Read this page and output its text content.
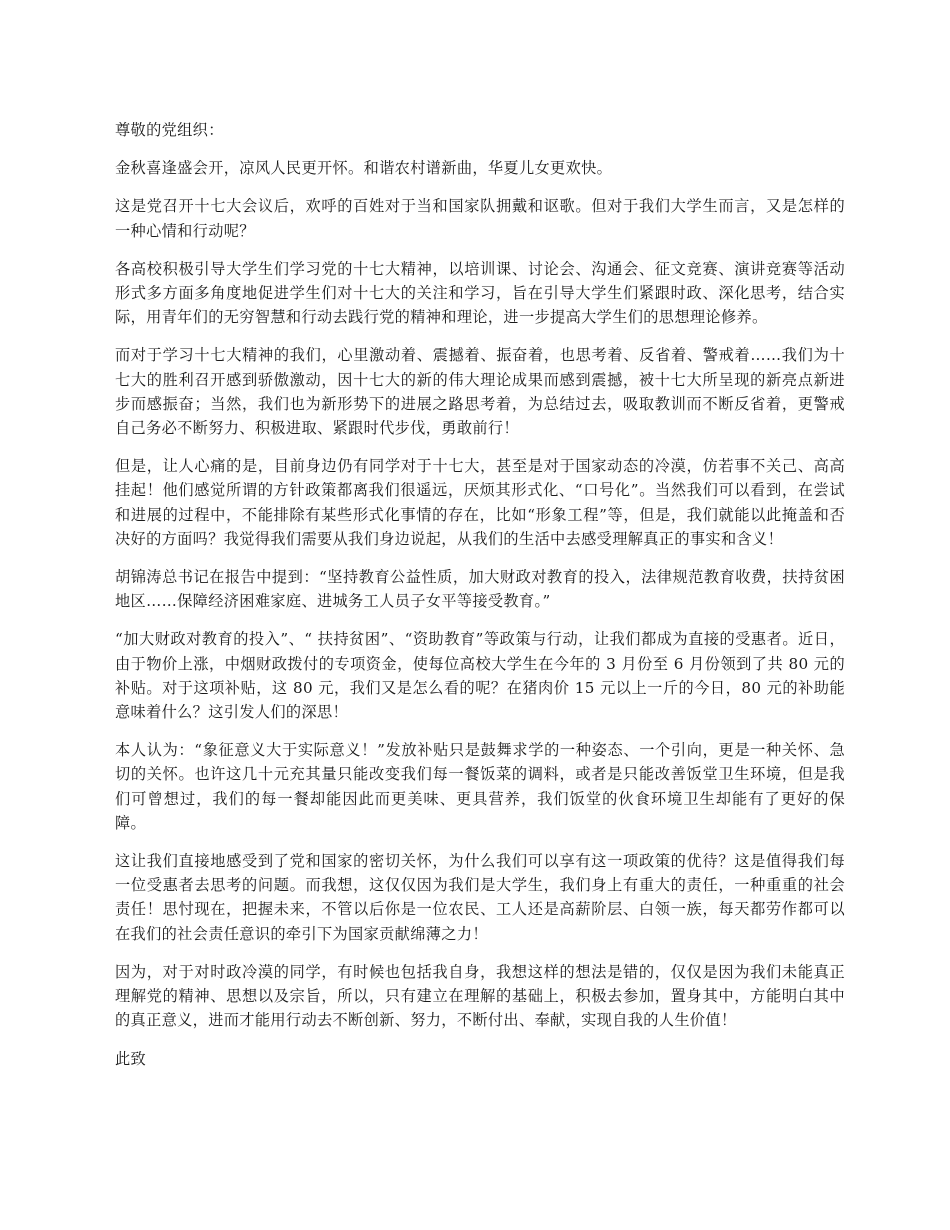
尊敬的党组织：

金秋喜逢盛会开，凉风人民更开怀。和谐农村谱新曲，华夏儿女更欢快。

这是党召开十七大会议后，欢呼的百姓对于当和国家队拥戴和讴歌。但对于我们大学生而言，又是怎样的一种心情和行动呢？

各高校积极引导大学生们学习党的十七大精神，以培训课、讨论会、沟通会、征文竞赛、演讲竞赛等活动形式多方面多角度地促进学生们对十七大的关注和学习，旨在引导大学生们紧跟时政、深化思考，结合实际，用青年们的无穷智慧和行动去践行党的精神和理论，进一步提高大学生们的思想理论修养。

而对于学习十七大精神的我们，心里激动着、震撼着、振奋着，也思考着、反省着、警戒着……我们为十七大的胜利召开感到骄傲激动，因十七大的新的伟大理论成果而感到震撼，被十七大所呈现的新亮点新进步而感振奋；当然，我们也为新形势下的进展之路思考着，为总结过去，吸取教训而不断反省着，更警戒自己务必不断努力、积极进取、紧跟时代步伐，勇敢前行！

但是，让人心痛的是，目前身边仍有同学对于十七大，甚至是对于国家动态的冷漠，仿若事不关己、高高挂起！他们感觉所谓的方针政策都离我们很遥远，厌烦其形式化、“口号化”。当然我们可以看到，在尝试和进展的过程中，不能排除有某些形式化事情的存在，比如“形象工程”等，但是，我们就能以此掩盖和否决好的方面吗？我觉得我们需要从我们身边说起，从我们的生活中去感受理解真正的事实和含义！

胡锦涛总书记在报告中提到：“坚持教育公益性质，加大财政对教育的投入，法律规范教育收费，扶持贫困地区……保障经济困难家庭、进城务工人员子女平等接受教育。”

“加大财政对教育的投入”、“ 扶持贫困”、“资助教育”等政策与行动，让我们都成为直接的受惠者。近日，由于物价上涨，中烟财政拨付的专项资金，使每位高校大学生在今年的 3 月份至 6 月份领到了共 80 元的补贴。对于这项补贴，这 80 元，我们又是怎么看的呢？在猪肉价 15 元以上一斤的今日，80 元的补助能意味着什么？这引发人们的深思！

本人认为：“象征意义大于实际意义！”发放补贴只是鼓舞求学的一种姿态、一个引向，更是一种关怀、急切的关怀。也许这几十元充其量只能改变我们每一餐饭菜的调料，或者是只能改善饭堂卫生环境，但是我们可曾想过，我们的每一餐却能因此而更美味、更具营养，我们饭堂的伙食环境卫生却能有了更好的保障。

这让我们直接地感受到了党和国家的密切关怀，为什么我们可以享有这一项政策的优待？这是值得我们每一位受惠者去思考的问题。而我想，这仅仅因为我们是大学生，我们身上有重大的责任，一种重重的社会责任！思忖现在，把握未来，不管以后你是一位农民、工人还是高薪阶层、白领一族，每天都劳作都可以在我们的社会责任意识的牵引下为国家贡献绵薄之力！

因为，对于对时政冷漠的同学，有时候也包括我自身，我想这样的想法是错的，仅仅是因为我们未能真正理解党的精神、思想以及宗旨，所以，只有建立在理解的基础上，积极去参加，置身其中，方能明白其中的真正意义，进而才能用行动去不断创新、努力，不断付出、奉献，实现自我的人生价值！

此致
